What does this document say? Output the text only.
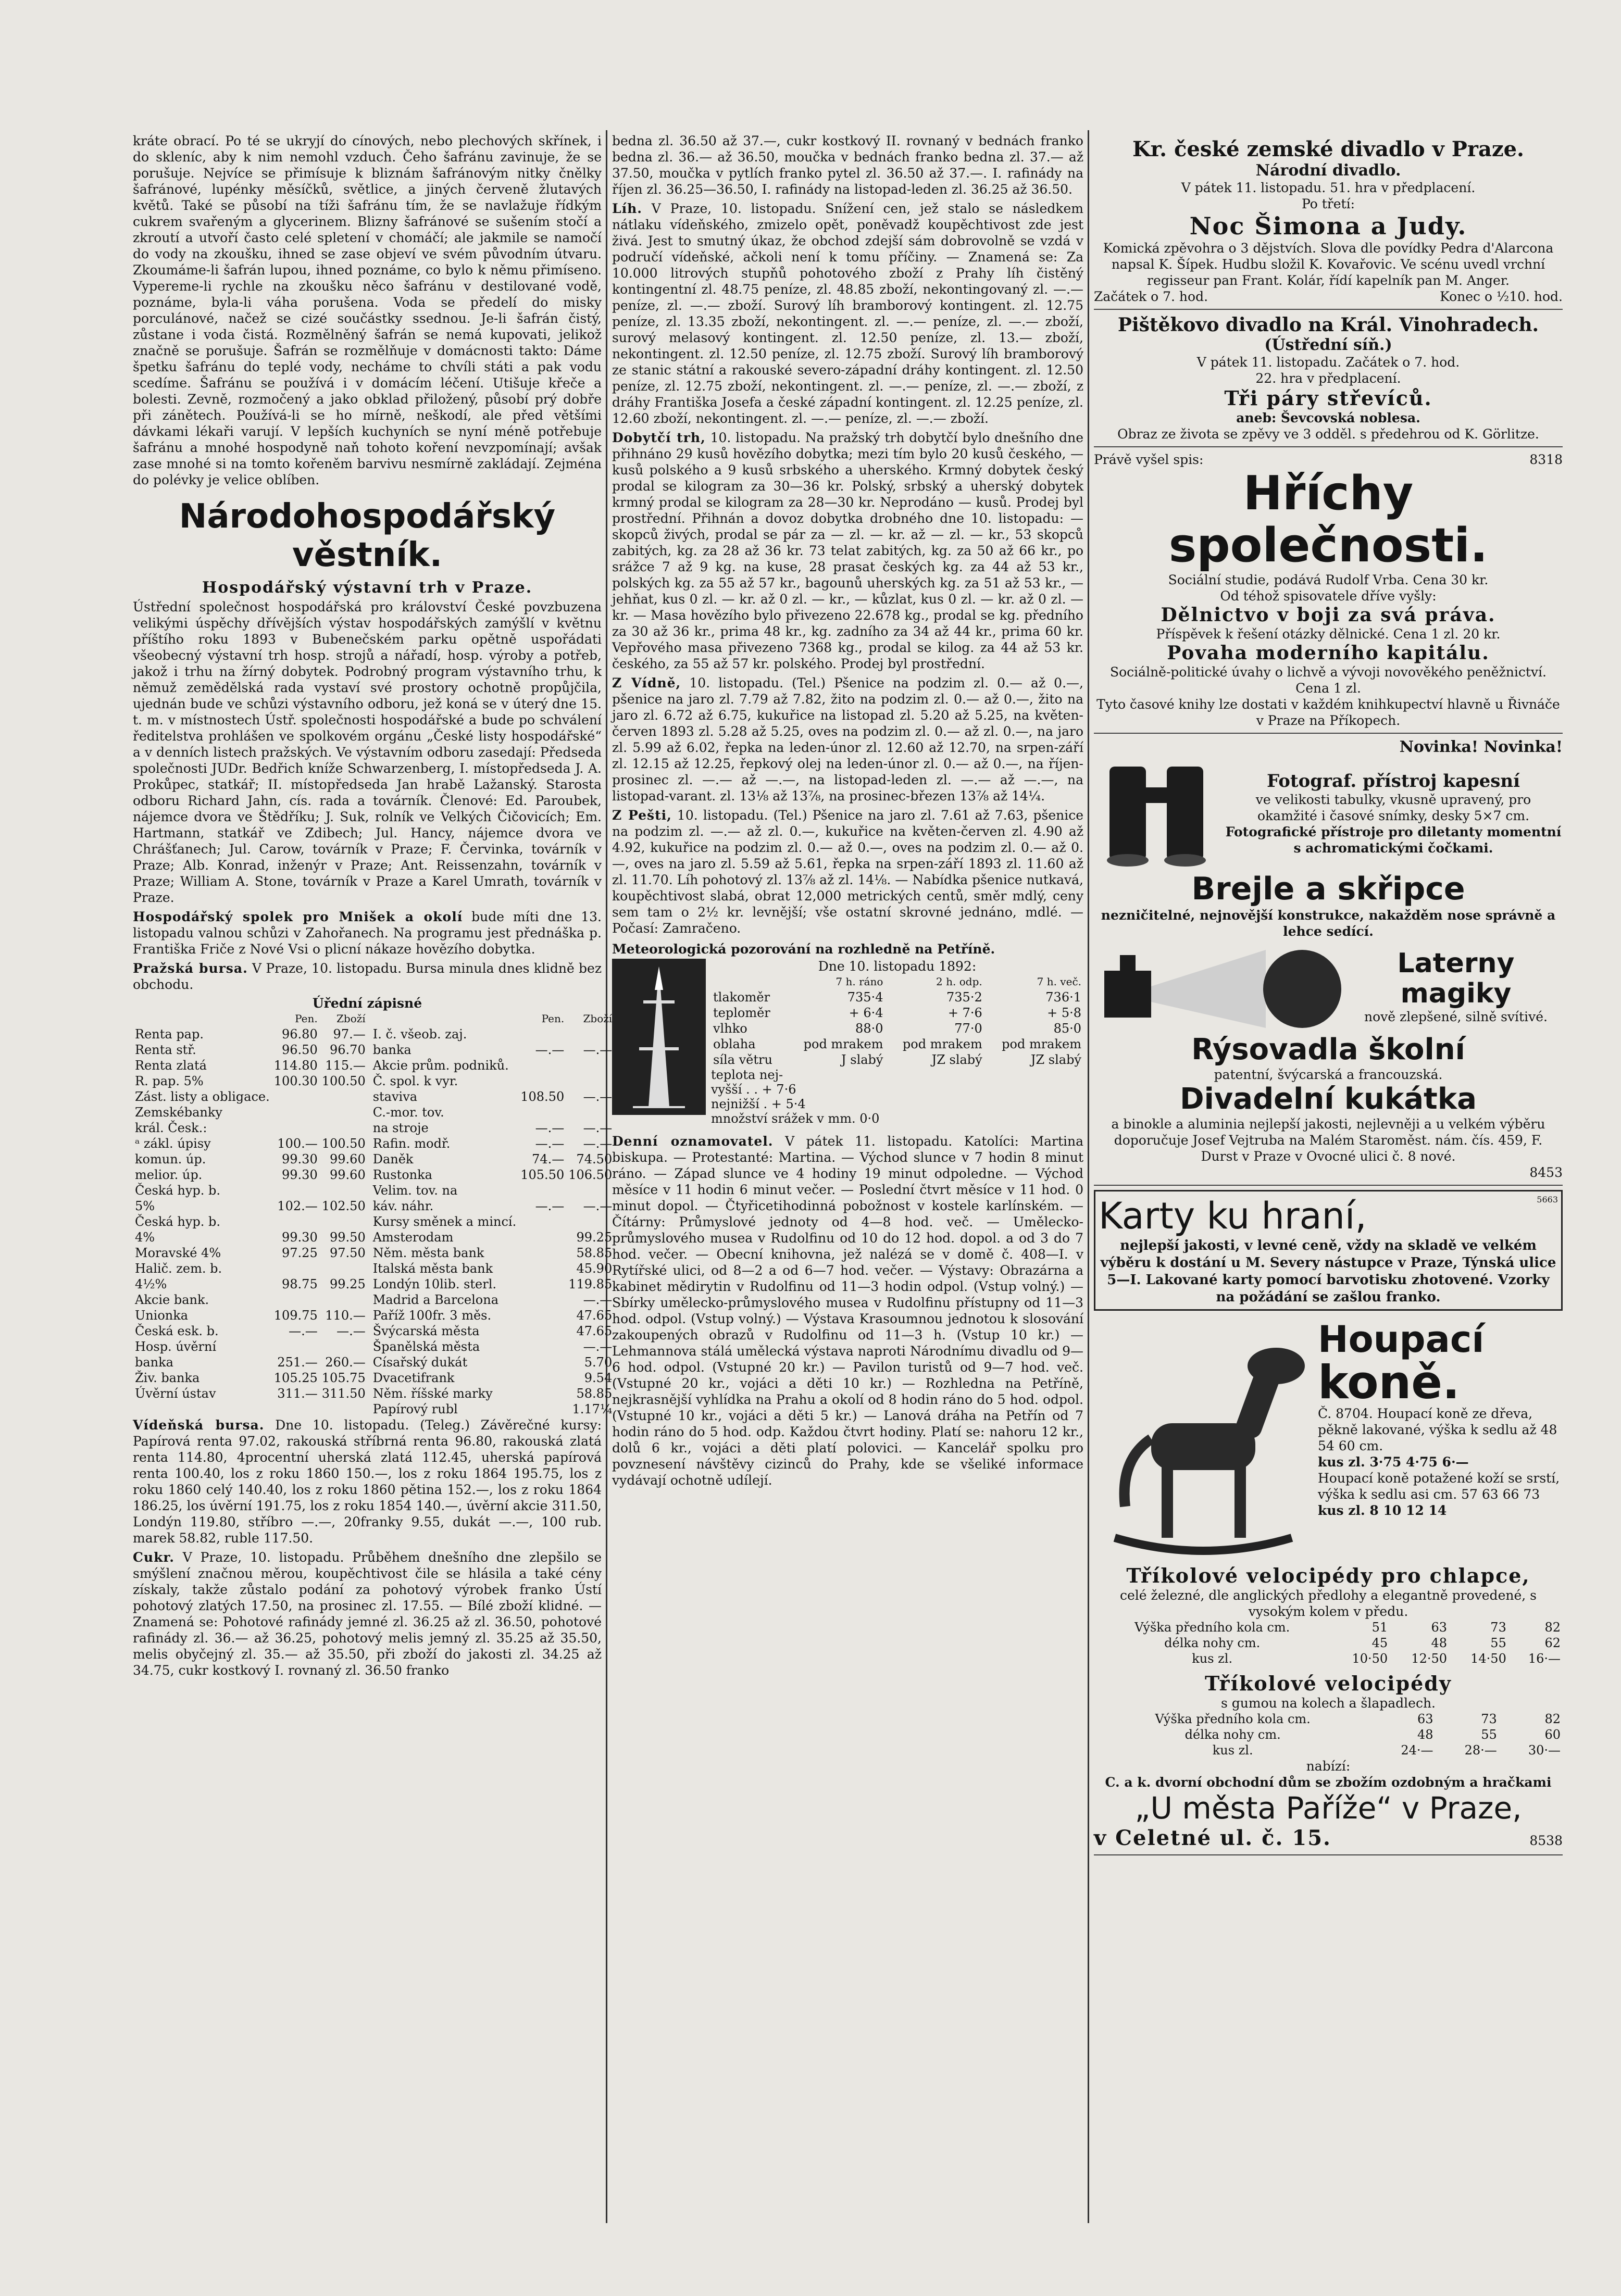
kráte obrací. Po té se ukryjí do cínových, nebo plechových skřínek, i do skleníc, aby k nim nemohl vzduch. Čeho šafránu zavinuje, že se porušuje. Nejvíce se přimísuje k bliznám šafránovým nitky čnělky šafránové, lupénky měsíčků, světlice, a jiných červeně žlutavých květů. Také se působí na tíži šafránu tím, že se navlažuje řídkým cukrem svařeným a glycerinem. Blizny šafránové se sušením stočí a zkroutí a utvoří často celé spletení v chomáčí; ale jakmile se namočí do vody na zkoušku, ihned se zase objeví ve svém původním útvaru. Zkoumáme-li šafrán lupou, ihned poznáme, co bylo k němu přimíseno. Vypereme-li rychle na zkoušku něco šafránu v destilované vodě, poznáme, byla-li váha porušena. Voda se předelí do misky porculánové, načež se cizé součástky ssednou. Je-li šafrán čistý, zůstane i voda čistá. Rozmělněný šafrán se nemá kupovati, jelikož značně se porušuje. Šafrán se rozmělňuje v domácnosti takto: Dáme špetku šafránu do teplé vody, necháme to chvíli státi a pak vodu scedíme. Šafránu se používá i v domácím léčení. Utišuje křeče a bolesti. Zevně, rozmočený a jako obklad přiložený, působí prý dobře při zánětech. Používá-li se ho mírně, neškodí, ale před většími dávkami lékaři varují. V lepších kuchyních se nyní méně potřebuje šafránu a mnohé hospodyně naň tohoto koření nevzpomínají; avšak zase mnohé si na tomto kořeněm barvivu nesmírně zakládají. Zejména do polévky je velice oblíben.

Národohospodářský věstník.
Hospodářský výstavní trh v Praze.

Ústřední společnost hospodářská pro království České povzbuzena velikými úspěchy dřívějších výstav hospodářských zamýšlí v květnu příštího roku 1893 v Bubenečském parku opětně uspořádati všeobecný výstavní trh hosp. strojů a nářadí, hosp. výroby a potřeb, jakož i trhu na žírný dobytek. Podrobný program výstavního trhu, k němuž zemědělská rada vystaví své prostory ochotně propůjčila, ujednán bude ve schůzi výstavního odboru, jež koná se v úterý dne 15. t. m. v místnostech Ústř. společnosti hospodářské a bude po schválení ředitelstva prohlášen ve spolkovém orgánu „České listy hospodářské“ a v denních listech pražských. Ve výstavním odboru zasedají: Předseda společnosti JUDr. Bedřich kníže Schwarzenberg, I. místopředseda J. A. Prokůpec, statkář; II. místopředseda Jan hrabě Lažanský. Starosta odboru Richard Jahn, cís. rada a továrník. Členové: Ed. Paroubek, nájemce dvora ve Štědříku; J. Suk, rolník ve Velkých Čičovicích; Em. Hartmann, statkář ve Zdibech; Jul. Hancy, nájemce dvora ve Chrášťanech; Jul. Carow, továrník v Praze; F. Červinka, továrník v Praze; Alb. Konrad, inženýr v Praze; Ant. Reissenzahn, továrník v Praze; William A. Stone, továrník v Praze a Karel Umrath, továrník v Praze.

Hospodářský spolek pro Mnišek a okolí bude míti dne 13. listopadu valnou schůzi v Zahořanech. Na programu jest přednáška p. Františka Fričе z Nové Vsi o plicní nákaze hovězího dobytka.

Pražská bursa. V Praze, 10. listopadu. Bursa minula dnes klidně bez obchodu.

Úřední zápisné
	Pen.	Zboží
Renta pap.	96.80	97.—
Renta stř.	96.50	96.70
Renta zlatá	114.80	115.—
R. pap. 5%	100.30	100.50
Zást. listy a obligace.		
Zemskébanky		
král. Česk.:		
ᵃ zákl. úpisy	100.—	100.50
komun. úp.	99.30	99.60
melior. úp.	99.30	99.60
Česká hyp. b.		
5%	102.—	102.50
Česká hyp. b.		
4%	99.30	99.50
Moravské 4%	97.25	97.50
Halič. zem. b.		
4½%	98.75	99.25
Akcie bank.		
Unionka	109.75	110.—
Česká esk. b.	—.—	—.—
Hosp. úvěrní		
banka	251.—	260.—
Živ. banka	105.25	105.75
Úvěrní ústav	311.—	311.50
	Pen.	Zboží
I. č. všeob. zaj.		
banka	—.—	—.—
Akcie prům. podniků.		
Č. spol. k vyr.		
staviva	108.50	—.—
C.-mor. tov.		
na stroje	—.—	—.—
Rafin. modř.	—.—	—.—
Daněk	74.—	74.50
Rustonka	105.50	106.50
Velim. tov. na		
káv. náhr.	—.—	—.—
Kursy směnek a mincí.		
Amsterodam		99.25
Něm. města bank		58.85
Italská města bank		45.90
Londýn 10lib. sterl.		119.85
Madrid a Barcelona		—.—
Paříž 100fr. 3 měs.		47.65
Švýcarská města		47.65
Španělská města		—.—
Císařský dukát		5.70
Dvacetifrank		9.54
Něm. říšské marky		58.85
Papírový rubl		1.17¼

Vídeňská bursa. Dne 10. listopadu. (Teleg.) Závěrečné kursy: Papírová renta 97.02, rakouská stříbrná renta 96.80, rakouská zlatá renta 114.80, 4procentní uherská zlatá 112.45, uherská papírová renta 100.40, los z roku 1860 150.—, los z roku 1864 195.75, los z roku 1860 celý 140.40, los z roku 1860 pětina 152.—, los z roku 1864 186.25, los úvěrní 191.75, los z roku 1854 140.—, úvěrní akcie 311.50, Londýn 119.80, stříbro —.—, 20franky 9.55, dukát —.—, 100 rub. marek 58.82, ruble 117.50.

Cukr. V Praze, 10. listopadu. Průběhem dnešního dne zlepšilo se smýšlení značnou měrou, koupěchtivost čile se hlásila a také cény získaly, takže zůstalo podání za pohotový výrobek franko Ústí pohotový zlatých 17.50, na prosinec zl. 17.55. — Bílé zboží klidné. — Znamená se: Pohotové rafinády jemné zl. 36.25 až zl. 36.50, pohotové rafinády zl. 36.— až 36.25, pohotový melis jemný zl. 35.25 až 35.50, melis obyčejný zl. 35.— až 35.50, při zboží do jakosti zl. 34.25 až 34.75, cukr kostkový I. rovnaný zl. 36.50 franko

bedna zl. 36.50 až 37.—, cukr kostkový II. rovnaný v bednách franko bedna zl. 36.— až 36.50, moučka v bednách franko bedna zl. 37.— až 37.50, moučka v pytlích franko pytel zl. 36.50 až 37.—. I. rafinády na říjen zl. 36.25—36.50, I. rafinády na listopad-leden zl. 36.25 až 36.50.

Líh. V Praze, 10. listopadu. Snížení cen, jež stalo se následkem nátlaku vídeňského, zmizelo opět, poněvadž koupěchtivost zde jest živá. Jest to smutný úkaz, že obchod zdejší sám dobrovolně se vzdá v područí vídeňské, ačkoli není k tomu příčiny. — Znamená se: Za 10.000 litrových stupňů pohotového zboží z Prahy líh čistěný kontingentní zl. 48.75 peníze, zl. 48.85 zboží, nekontingovaný zl. —.— peníze, zl. —.— zboží. Surový líh bramborový kontingent. zl. 12.75 peníze, zl. 13.35 zboží, nekontingent. zl. —.— peníze, zl. —.— zboží, surový melasový kontingent. zl. 12.50 peníze, zl. 13.— zboží, nekontingent. zl. 12.50 peníze, zl. 12.75 zboží. Surový líh bramborový ze stanic státní a rakouské severo-západní dráhy kontingent. zl. 12.50 peníze, zl. 12.75 zboží, nekontingent. zl. —.— peníze, zl. —.— zboží, z dráhy Františka Josefa a české západní kontingent. zl. 12.25 peníze, zl. 12.60 zboží, nekontingent. zl. —.— peníze, zl. —.— zboží.

Dobytčí trh, 10. listopadu. Na pražský trh dobytčí bylo dnešního dne přihnáno 29 kusů hovězího dobytka; mezi tím bylo 20 kusů českého, — kusů polského a 9 kusů srbského a uherského. Krmný dobytek český prodal se kilogram za 30—36 kr. Polský, srbský a uherský dobytek krmný prodal se kilogram za 28—30 kr. Neprodáno — kusů. Prodej byl prostřední. Přihnán a dovoz dobytka drobného dne 10. listopadu: — skopců živých, prodal se pár za — zl. — kr. až — zl. — kr., 53 skopců zabitých, kg. za 28 až 36 kr. 73 telat zabitých, kg. za 50 až 66 kr., po srážce 7 až 9 kg. na kuse, 28 prasat českých kg. za 44 až 53 kr., polských kg. za 55 až 57 kr., bagounů uherských kg. za 51 až 53 kr., — jehňat, kus 0 zl. — kr. až 0 zl. — kr., — kůzlat, kus 0 zl. — kr. až 0 zl. — kr. — Masa hovězího bylo přivezeno 22.678 kg., prodal se kg. předního za 30 až 36 kr., prima 48 kr., kg. zadního za 34 až 44 kr., prima 60 kr. Vepřového masa přivezeno 7368 kg., prodal se kilog. za 44 až 53 kr. českého, za 55 až 57 kr. polského. Prodej byl prostřední.

Z Vídně, 10. listopadu. (Tel.) Pšenice na podzim zl. 0.— až 0.—, pšenice na jaro zl. 7.79 až 7.82, žito na podzim zl. 0.— až 0.—, žito na jaro zl. 6.72 až 6.75, kukuřice na listopad zl. 5.20 až 5.25, na květen-červen 1893 zl. 5.28 až 5.25, oves na podzim zl. 0.— až zl. 0.—, na jaro zl. 5.99 až 6.02, řepka na leden-únor zl. 12.60 až 12.70, na srpen-září zl. 12.15 až 12.25, řepkový olej na leden-únor zl. 0.— až 0.—, na říjen-prosinec zl. —.— až —.—, na listopad-leden zl. —.— až —.—, na listopad-varant. zl. 13⅛ až 13⅞, na prosinec-březen 13⅞ až 14¼.

Z Pešti, 10. listopadu. (Tel.) Pšenice na jaro zl. 7.61 až 7.63, pšenice na podzim zl. —.— až zl. 0.—, kukuřice na květen-červen zl. 4.90 až 4.92, kukuřice na podzim zl. 0.— až 0.—, oves na podzim zl. 0.— až 0.—, oves na jaro zl. 5.59 až 5.61, řepka na srpen-září 1893 zl. 11.60 až zl. 11.70. Líh pohotový zl. 13⅞ až zl. 14⅛. — Nabídka pšenice nutkavá, koupěchtivost slabá, obrat 12,000 metrických centů, směr mdlý, ceny sem tam o 2½ kr. levnější; vše ostatní skrovné jednáno, mdlé. — Počasí: Zamračeno.

Meteorologická pozorování na rozhledně na Petříně.
Dne 10. listopadu 1892:
	7 h. ráno	2 h. odp.	7 h. več.
tlakoměr	735·4	735·2	736·1
teploměr	+ 6·4	+ 7·6	+ 5·8
vlhko	88·0	77·0	85·0
oblaha	pod mrakem	pod mrakem	pod mrakem
síla větru	J slabý	JZ slabý	JZ slabý
teplota nej-
vyšší . . + 7·6
nejnižší . + 5·4
množství srážek v mm. 0·0

Denní oznamovatel. V pátek 11. listopadu. Katolíci: Martina biskupa. — Protestanté: Martina. — Východ slunce v 7 hodin 8 minut ráno. — Západ slunce ve 4 hodiny 19 minut odpoledne. — Východ měsíce v 11 hodin 6 minut večer. — Poslední čtvrt měsíce v 11 hod. 0 minut dopol. — Čtyřicetihodinná pobožnost v kostele karlínském. — Čítárny: Průmyslové jednoty od 4—8 hod. več. — Umělecko-průmyslového musea v Rudolfinu od 10 do 12 hod. dopol. a od 3 do 7 hod. večer. — Obecní knihovna, jež nalézá se v domě č. 408—I. v Rytířské ulici, od 8—2 a od 6—7 hod. večer. — Výstavy: Obrazárna a kabinet mědirytin v Rudolfinu od 11—3 hodin odpol. (Vstup volný.) — Sbírky umělecko-průmyslového musea v Rudolfinu přístupny od 11—3 hod. odpol. (Vstup volný.) — Výstava Krasoumnou jednotou k slosování zakoupených obrazů v Rudolfinu od 11—3 h. (Vstup 10 kr.) — Lehmannova stálá umělecká výstava naproti Národnímu divadlu od 9—6 hod. odpol. (Vstupné 20 kr.) — Pavilon turistů od 9—7 hod. več. (Vstupné 20 kr., vojáci a děti 10 kr.) — Rozhledna na Petříně, nejkrasnější vyhlídka na Prahu a okolí od 8 hodin ráno do 5 hod. odpol. (Vstupné 10 kr., vojáci a děti 5 kr.) — Lanová dráha na Petřín od 7 hodin ráno do 5 hod. odp. Každou čtvrt hodiny. Platí se: nahoru 12 kr., dolů 6 kr., vojáci a děti platí polovici. — Kancelář spolku pro povznesení návštěvy cizinců do Prahy, kde se všeliké informace vydávají ochotně udílejí.

Kr. české zemské divadlo v Praze.
Národní divadlo.
V pátek 11. listopadu. 51. hra v předplacení.
Po třetí:
Noc Šimona a Judy.
Komická zpěvohra o 3 dějstvích. Slova dle povídky Pedra d'Alarcona napsal K. Šípek. Hudbu složil K. Kovařovic. Ve scénu uvedl vrchní regisseur pan Frant. Kolár, řídí kapelník pan M. Anger.
Začátek o 7. hod.	Konec o ½10. hod.
Pištěkovo divadlo na Král. Vinohradech.
(Ústřední síň.)
V pátek 11. listopadu. Začátek o 7. hod.
22. hra v předplacení.
Tři páry střevíců.
aneb: Ševcovská noblesa.
Obraz ze života se zpěvy ve 3 odděl. s předehrou od K. Görlitze.
Právě vyšel spis:	8318
Hříchy společnosti.
Sociální studie, podává Rudolf Vrba. Cena 30 kr.
Od téhož spisovatele dříve vyšly:
Dělnictvo v boji za svá práva.
Příspěvek k řešení otázky dělnické. Cena 1 zl. 20 kr.
Povaha moderního kapitálu.
Sociálně-politické úvahy o lichvě a vývoji novověkého peněžnictví. Cena 1 zl.
Tyto časové knihy lze dostati v každém knihkupectví hlavně u Řivnáče v Praze na Příkopech.
Novinka! Novinka!
Fotograf. přístroj kapesní
ve velikosti tabulky, vkusně upravený, pro okamžité i časové snímky, desky 5×7 cm.
Fotografické přístroje pro diletanty momentní s achromatickými čočkami.
Brejle a skřipce
nezničitelné, nejnovější konstrukce, nakažděm nose správně a lehce sedící.
Laterny magiky
nově zlepšené, silně svítivé.
Rýsovadla školní
patentní, švýcarská a francouzská.
Divadelní kukátka
a binokle a aluminia nejlepší jakosti, nejlevněji a u velkém výběru doporučuje Josef Vejtruba na Malém Staroměst. nám. čís. 459, F. Durst v Praze v Ovocné ulici č. 8 nové.
8453
Karty ku hraní,	5663
nejlepší jakosti, v levné ceně, vždy na skladě ve velkém výběru k dostání u M. Severy nástupce v Praze, Týnská ulice 5—I. Lakované karty pomocí barvotisku zhotovené. Vzorky na požádání se zašlou franko.
Houpací
koně.
Č. 8704. Houpací koně ze dřeva, pěkně lakované, výška k sedlu až 48 54 60 cm.
kus zl. 3·75 4·75 6·—
Houpací koně potažené koží se srstí, výška k sedlu asi cm. 57 63 66 73
kus zl. 8 10 12 14
Tříkolové velocipédy pro chlapce,
celé železné, dle anglických předlohy a elegantně provedené, s vysokým kolem v předu.
Výška předního kola cm.	51	63	73	82
délka nohy cm.	45	48	55	62
kus zl.	10·50	12·50	14·50	16·—
Tříkolové velocipédy
s gumou na kolech a šlapadlech.
Výška předního kola cm.	63	73	82
délka nohy cm.	48	55	60
kus zl.	24·—	28·—	30·—
nabízí:
C. a k. dvorní obchodní dům se zbožím ozdobným a hračkami
„U města Paříže“ v Praze,
v Celetné ul. č. 15.	8538
